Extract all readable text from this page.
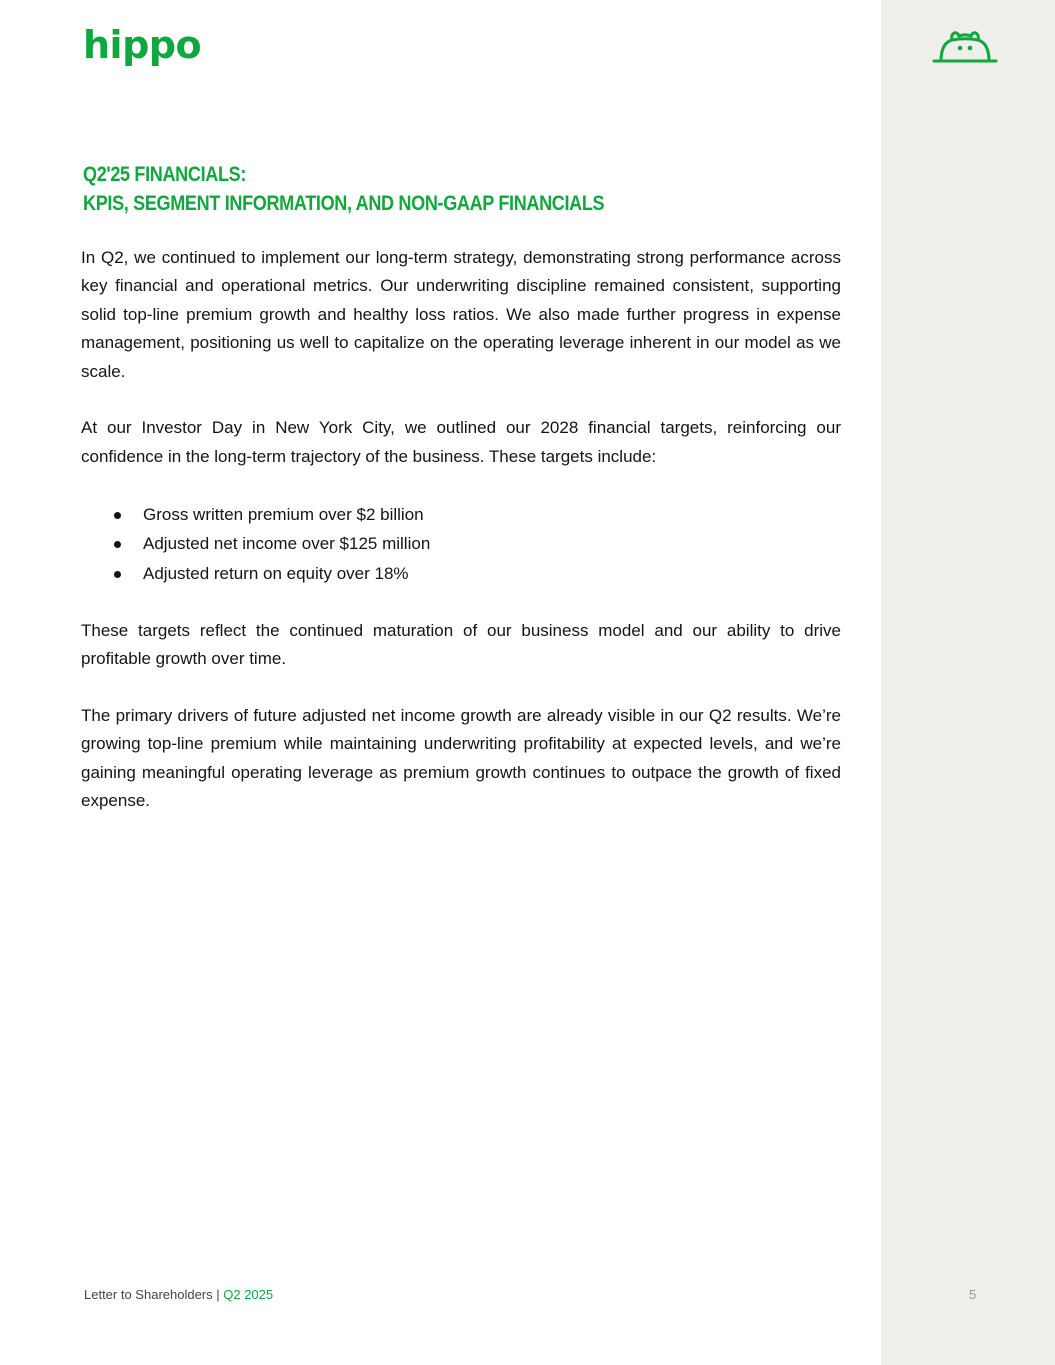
hippo
Q2'25 FINANCIALS:
KPIS, SEGMENT INFORMATION, AND NON-GAAP FINANCIALS

In Q2, we continued to implement our long-term strategy, demonstrating strong performance across key financial and operational metrics. Our underwriting discipline remained consistent, supporting solid top-line premium growth and healthy loss ratios. We also made further progress in expense management, positioning us well to capitalize on the operating leverage inherent in our model as we scale.

At our Investor Day in New York City, we outlined our 2028 financial targets, reinforcing our confidence in the long-term trajectory of the business. These targets include:

Gross written premium over $2 billion
Adjusted net income over $125 million
Adjusted return on equity over 18%

These targets reflect the continued maturation of our business model and our ability to drive profitable growth over time.

The primary drivers of future adjusted net income growth are already visible in our Q2 results. We’re growing top-line premium while maintaining underwriting profitability at expected levels, and we’re gaining meaningful operating leverage as premium growth continues to outpace the growth of fixed expense.

Letter to Shareholders | Q2 2025	5
